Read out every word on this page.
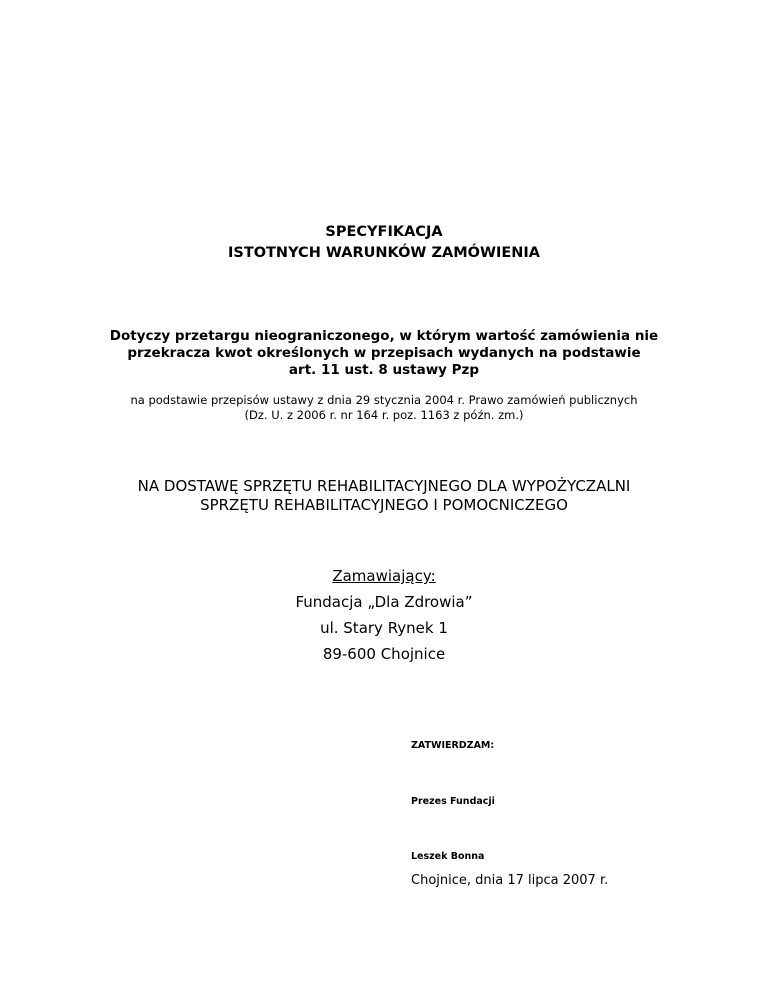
SPECYFIKACJA
ISTOTNYCH WARUNKÓW ZAMÓWIENIA
Dotyczy przetargu nieograniczonego, w którym wartość zamówienia nie
przekracza kwot określonych w przepisach wydanych na podstawie
art. 11 ust. 8 ustawy Pzp
na podstawie przepisów ustawy z dnia 29 stycznia 2004 r. Prawo zamówień publicznych
(Dz. U. z 2006 r. nr 164 r. poz. 1163 z późn. zm.)
NA DOSTAWĘ SPRZĘTU REHABILITACYJNEGO DLA WYPOŻYCZALNI
SPRZĘTU REHABILITACYJNEGO I POMOCNICZEGO
Zamawiający:
Fundacja „Dla Zdrowia”
ul. Stary Rynek 1
89-600 Chojnice
ZATWIERDZAM:
Prezes Fundacji
Leszek Bonna
Chojnice, dnia 17 lipca 2007 r.
